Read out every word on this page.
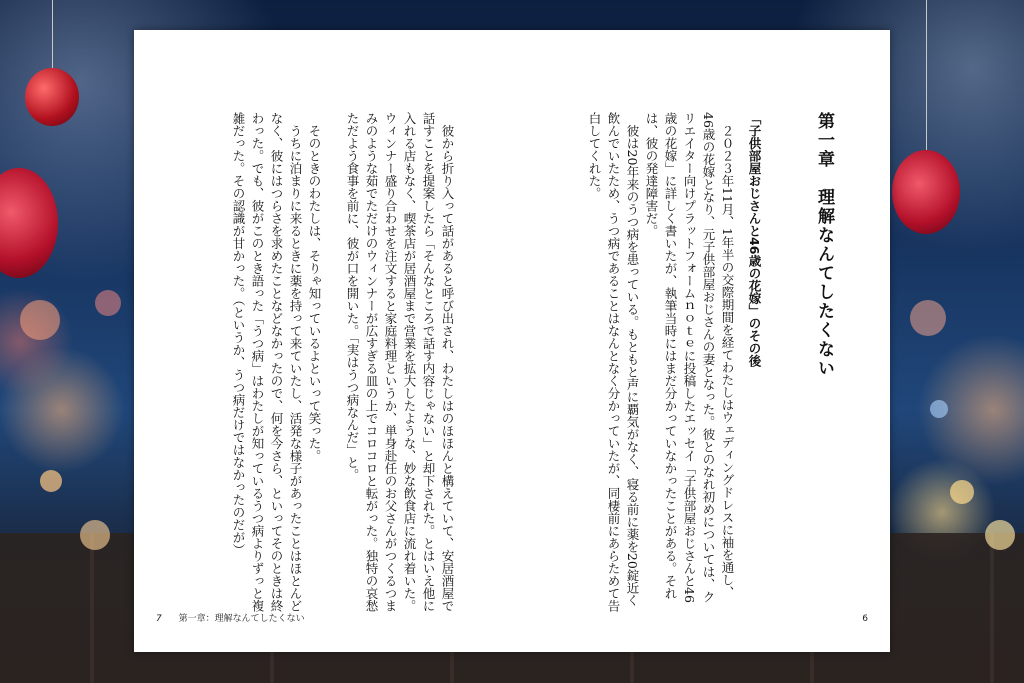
第一章　理解なんてしたくない
「子供部屋おじさんと46歳の花嫁」のその後
　２０２３年11月、1年半の交際期間を経てわたしはウェディングドレスに袖を通し、46歳の花嫁となり、元子供部屋おじさんの妻となった。彼とのなれ初めについては、クリエイター向けプラットフォームｎｏｔｅに投稿したエッセイ「子供部屋おじさんと46歳の花嫁」に詳しく書いたが、執筆当時にはまだ分かっていなかったことがある。それは、彼の発達障害だ。
　彼は20年来のうつ病を患っている。もともと声に覇気がなく、寝る前に薬を20錠近く飲んでいたため、うつ病であることはなんとなく分かっていたが、同棲前にあらためて告白してくれた。
　彼から折り入って話があると呼び出され、わたしはのほほんと構えていて、安居酒屋で話すことを提案したら「そんなところで話す内容じゃない」と却下された。とはいえ他に入れる店もなく、喫茶店が居酒屋まで営業を拡大したような、妙な飲食店に流れ着いた。ウィンナー盛り合わせを注文すると家庭料理というか、単身赴任のお父さんがつくるつまみのような茹でただけのウィンナーが広すぎる皿の上でコロコロと転がった。独特の哀愁ただよう食事を前に、彼が口を開いた。「実はうつ病なんだ」と。
　そのときのわたしは、そりゃ知っているよといって笑った。
　うちに泊まりに来るときに薬を持って来ていたし、活発な様子があったことはほとんどなく、彼にはつらさを求めたことなどなかったので、何を今さら、といってそのときは終わった。でも、彼がこのとき語った「うつ病」はわたしが知っているうつ病よりずっと複雑だった。その認識が甘かった。（というか、うつ病だけではなかったのだが）
7 第一章：理解なんてしたくない	6
